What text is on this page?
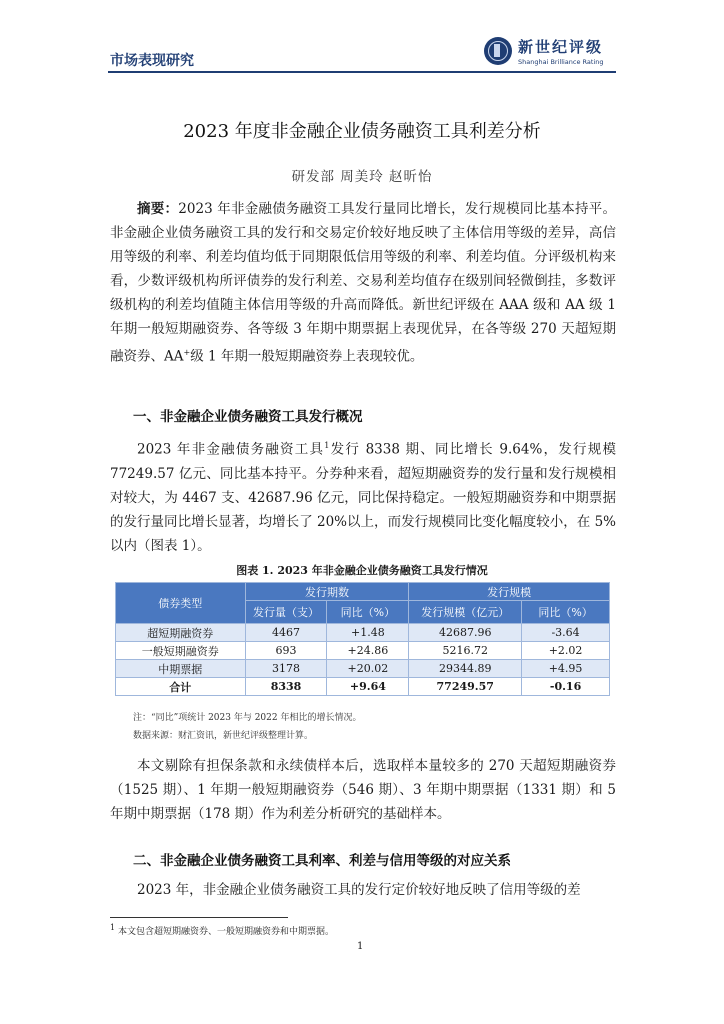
市场表现研究
新世纪评级
Shanghai Brilliance Rating
2023 年度非金融企业债务融资工具利差分析
研发部 周美玲 赵昕怡
摘要：2023 年非金融债务融资工具发行量同比增长，发行规模同比基本持平。非金融企业债务融资工具的发行和交易定价较好地反映了主体信用等级的差异，高信用等级的利率、利差均值均低于同期限低信用等级的利率、利差均值。分评级机构来看，少数评级机构所评债券的发行利差、交易利差均值存在级别间轻微倒挂，多数评级机构的利差均值随主体信用等级的升高而降低。新世纪评级在 AAA 级和 AA 级 1 年期一般短期融资券、各等级 3 年期中期票据上表现优异，在各等级 270 天超短期融资券、AA+级 1 年期一般短期融资券上表现较优。
一、非金融企业债务融资工具发行概况
2023 年非金融债务融资工具$^1$发行 8338 期、同比增长 9.64%，发行规模 77249.57 亿元、同比基本持平。分券种来看，超短期融资券的发行量和发行规模相对较大，为 4467 支、42687.96 亿元，同比保持稳定。一般短期融资券和中期票据的发行量同比增长显著，均增长了 20%以上，而发行规模同比变化幅度较小，在 5%以内（图表 1）。
图表 1. 2023 年非金融企业债务融资工具发行情况
债券类型	发行期数		发行规模	
	发行量（支）	同比（%）	发行规模（亿元）	同比（%）
超短期融资券	4467	+1.48	42687.96	-3.64
一般短期融资券	693	+24.86	5216.72	+2.02
中期票据	3178	+20.02	29344.89	+4.95
合计	8338	+9.64	77249.57	-0.16
注：“同比”项统计 2023 年与 2022 年相比的增长情况。
数据来源：财汇资讯，新世纪评级整理计算。
本文剔除有担保条款和永续债样本后，选取样本量较多的 270 天超短期融资券（1525 期）、1 年期一般短期融资券（546 期）、3 年期中期票据（1331 期）和 5 年期中期票据（178 期）作为利差分析研究的基础样本。
二、非金融企业债务融资工具利率、利差与信用等级的对应关系
2023 年，非金融企业债务融资工具的发行定价较好地反映了信用等级的差
$^1$ 本文包含超短期融资券、一般短期融资券和中期票据。
1
